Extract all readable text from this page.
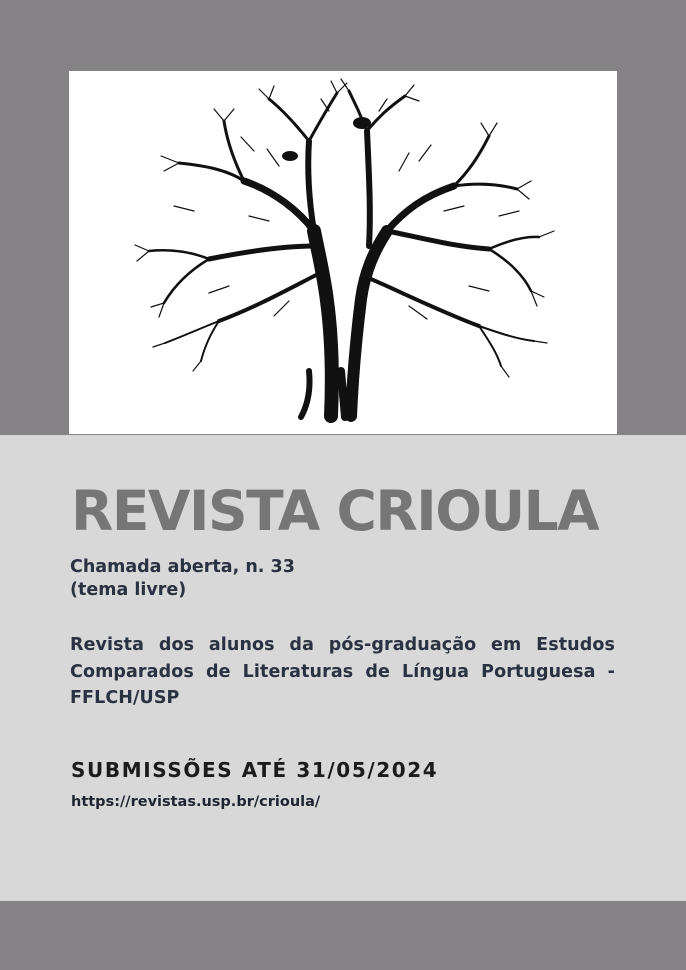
REVISTA CRIOULA
Chamada aberta, n. 33
(tema livre)

Revista dos alunos da pós-graduação em Estudos Comparados de Literaturas de Língua Portuguesa - FFLCH/USP

SUBMISSÕES ATÉ 31/05/2024
https://revistas.usp.br/crioula/
